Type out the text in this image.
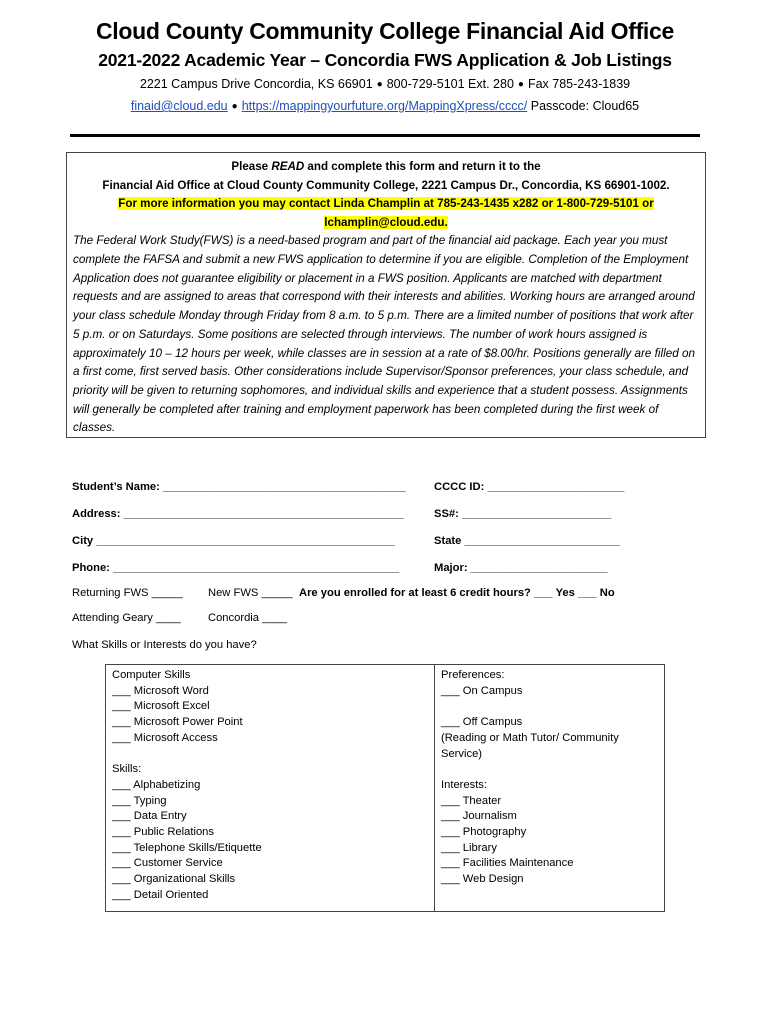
Cloud County Community College Financial Aid Office
2021-2022 Academic Year – Concordia FWS Application & Job Listings
2221 Campus Drive Concordia, KS 66901 ● 800-729-5101 Ext. 280 ● Fax 785-243-1839
finaid@cloud.edu ● https://mappingyourfuture.org/MappingXpress/cccc/ Passcode: Cloud65
Please READ and complete this form and return it to the
Financial Aid Office at Cloud County Community College, 2221 Campus Dr., Concordia, KS 66901-1002.
For more information you may contact Linda Champlin at 785-243-1435 x282 or 1-800-729-5101 or
lchamplin@cloud.edu.
The Federal Work Study(FWS) is a need-based program and part of the financial aid package. Each year you must complete the FAFSA and submit a new FWS application to determine if you are eligible. Completion of the Employment Application does not guarantee eligibility or placement in a FWS position. Applicants are matched with department requests and are assigned to areas that correspond with their interests and abilities. Working hours are arranged around your class schedule Monday through Friday from 8 a.m. to 5 p.m. There are a limited number of positions that work after 5 p.m. or on Saturdays. Some positions are selected through interviews. The number of work hours assigned is approximately 10 – 12 hours per week, while classes are in session at a rate of $8.00/hr. Positions generally are filled on a first come, first served basis. Other considerations include Supervisor/Sponsor preferences, your class schedule, and priority will be given to returning sophomores, and individual skills and experience that a student possess. Assignments will generally be completed after training and employment paperwork has been completed during the first week of classes.
Student’s Name: _______________________________________	CCCC ID: ______________________
Address: _____________________________________________	SS#: ________________________
City ________________________________________________	State _________________________
Phone: ______________________________________________	Major: ______________________
Returning FWS _____ New FWS _____ Are you enrolled for at least 6 credit hours? ___ Yes ___ No
Attending Geary ____ Concordia ____
What Skills or Interests do you have?
Computer Skills
___ Microsoft Word
___ Microsoft Excel
___ Microsoft Power Point
___ Microsoft Access
Skills:
___ Alphabetizing
___ Typing
___ Data Entry
___ Public Relations
___ Telephone Skills/Etiquette
___ Customer Service
___ Organizational Skills
___ Detail Oriented
Preferences:
___ On Campus
___ Off Campus
(Reading or Math Tutor/ Community
Service)
Interests:
___ Theater
___ Journalism
___ Photography
___ Library
___ Facilities Maintenance
___ Web Design
